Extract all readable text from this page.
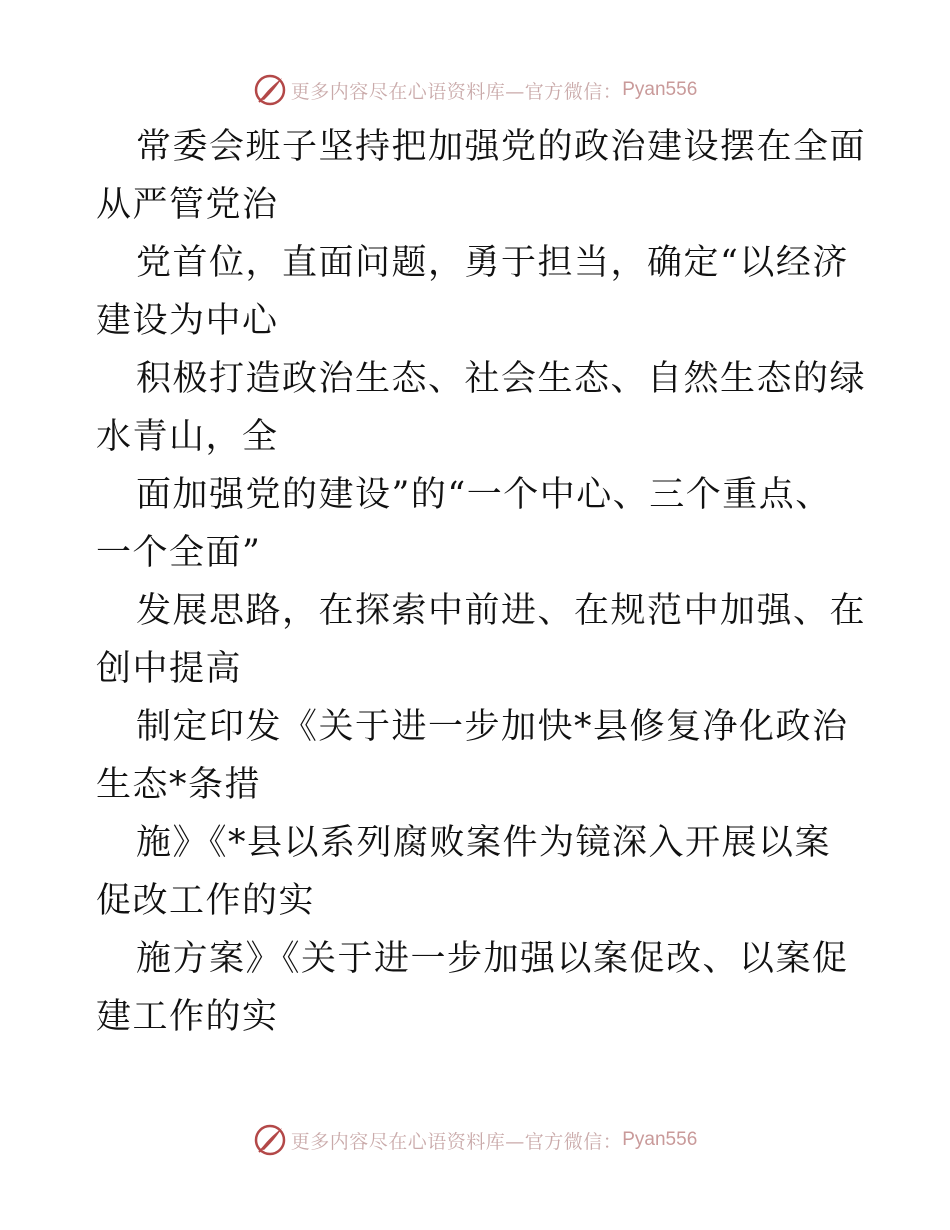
更多内容尽在心语资料库—官方微信： Pyan556

常委会班子坚持把加强党的政治建设摆在全面从严管党治

党首位，直面问题，勇于担当，确定“以经济建设为中心

积极打造政治生态、社会生态、自然生态的绿水青山，全

面加强党的建设”的“一个中心、三个重点、一个全面”

发展思路，在探索中前进、在规范中加强、在创中提高

制定印发《关于进一步加快*县修复净化政治生态*条措

施》《*县以系列腐败案件为镜深入开展以案促改工作的实

施方案》《关于进一步加强以案促改、以案促建工作的实

更多内容尽在心语资料库—官方微信： Pyan556
